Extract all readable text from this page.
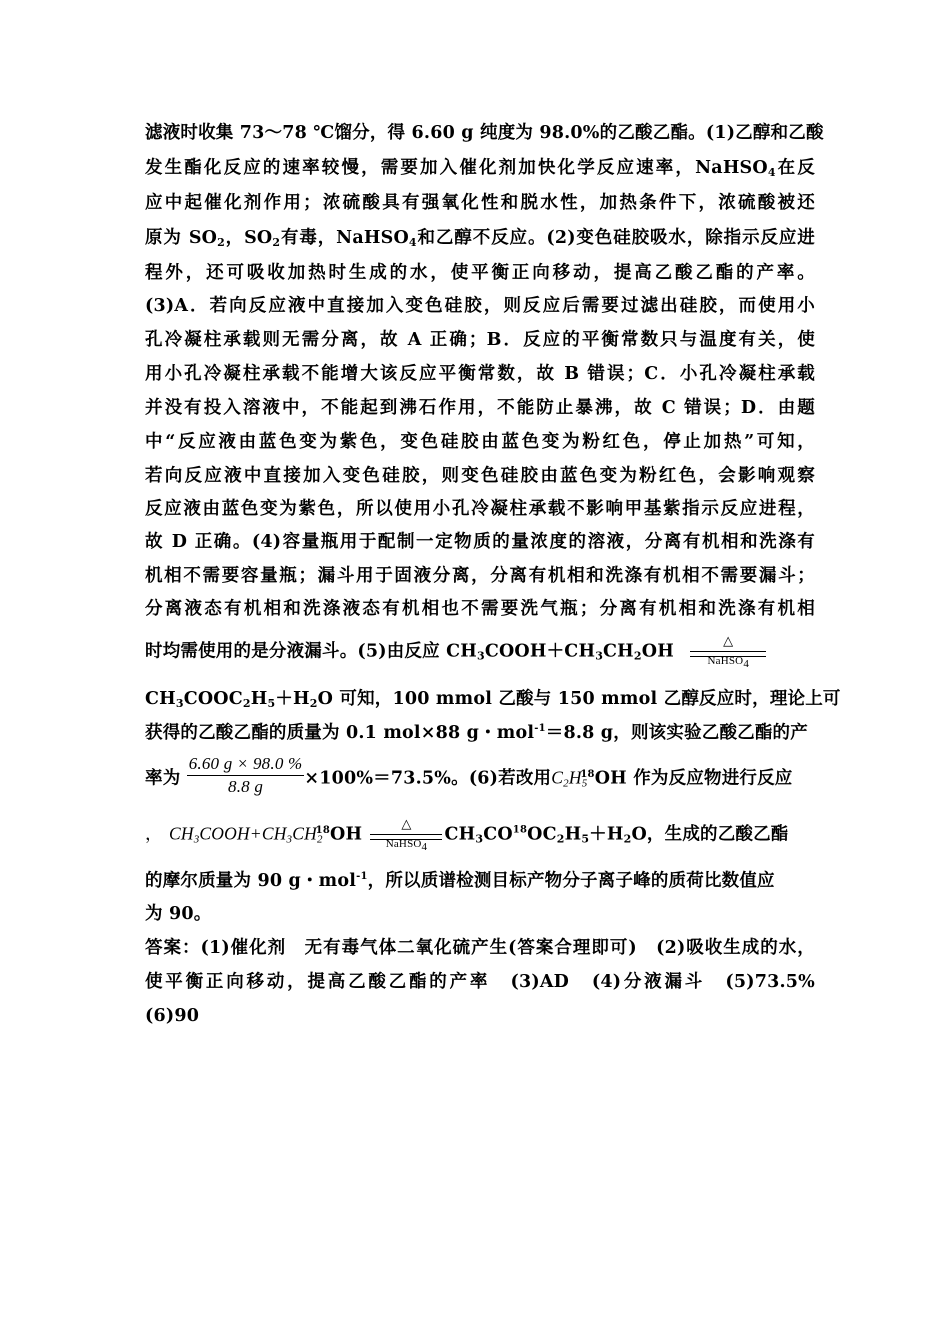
滤液时收集 73～78 ℃馏分，得 6.60 g 纯度为 98.0%的乙酸乙酯。(1)乙醇和乙酸
发生酯化反应的速率较慢，需要加入催化剂加快化学反应速率，NaHSO$_4$在反
应中起催化剂作用；浓硫酸具有强氧化性和脱水性，加热条件下，浓硫酸被还
原为 $SO_2$，$SO_2$有毒，NaHSO$_4$和乙醇不反应。(2)变色硅胶吸水，除指示反应进
程外，还可吸收加热时生成的水，使平衡正向移动，提高乙酸乙酯的产率。
(3)A．若向反应液中直接加入变色硅胶，则反应后需要过滤出硅胶，而使用小
孔冷凝柱承载则无需分离，故 A 正确；B．反应的平衡常数只与温度有关，使
用小孔冷凝柱承载不能增大该反应平衡常数，故 B 错误；C．小孔冷凝柱承载
并没有投入溶液中，不能起到沸石作用，不能防止暴沸，故 C 错误；D．由题
中“反应液由蓝色变为紫色，变色硅胶由蓝色变为粉红色，停止加热”可知，
若向反应液中直接加入变色硅胶，则变色硅胶由蓝色变为粉红色，会影响观察
反应液由蓝色变为紫色，所以使用小孔冷凝柱承载不影响甲基紫指示反应进程，
故 D 正确。(4)容量瓶用于配制一定物质的量浓度的溶液，分离有机相和洗涤有
机相不需要容量瓶；漏斗用于固液分离，分离有机相和洗涤有机相不需要漏斗；
分离液态有机相和洗涤液态有机相也不需要洗气瓶；分离有机相和洗涤有机相
时均需使用的是分液漏斗。(5)由反应 $CH_3COOH+CH_3CH_2OH$	△
NaHSO$_4$
$CH_3COOC_2H_5+H_2O$ 可知，100 mmol 乙酸与 150 mmol 乙醇反应时，理论上可
获得的乙酸乙酯的质量为 0.1 mol×88 g・mol$^{-1}$＝8.8 g，则该实验乙酸乙酯的产
率为 $\frac{6.60 g \times 98.0 \%}{8.8 g} \times 100\%=73.5\%$。(6)若改用$C_2H_5^{18}OH$ 作为反应物进行反应
， $CH_3COOH+CH_3CH_2^{18}OH$	△
NaHSO$_4$
$CH_3CO^{18}OC_2H_5+H_2O$，生成的乙酸乙酯
的摩尔质量为 90 g・mol$^{-1}$，所以质谱检测目标产物分子离子峰的质荷比数值应
为 90。
答案：(1)催化剂　无有毒气体二氧化硫产生(答案合理即可)　(2)吸收生成的水，
使平衡正向移动，提高乙酸乙酯的产率　(3)AD　(4)分液漏斗　(5)73.5%
(6)90
